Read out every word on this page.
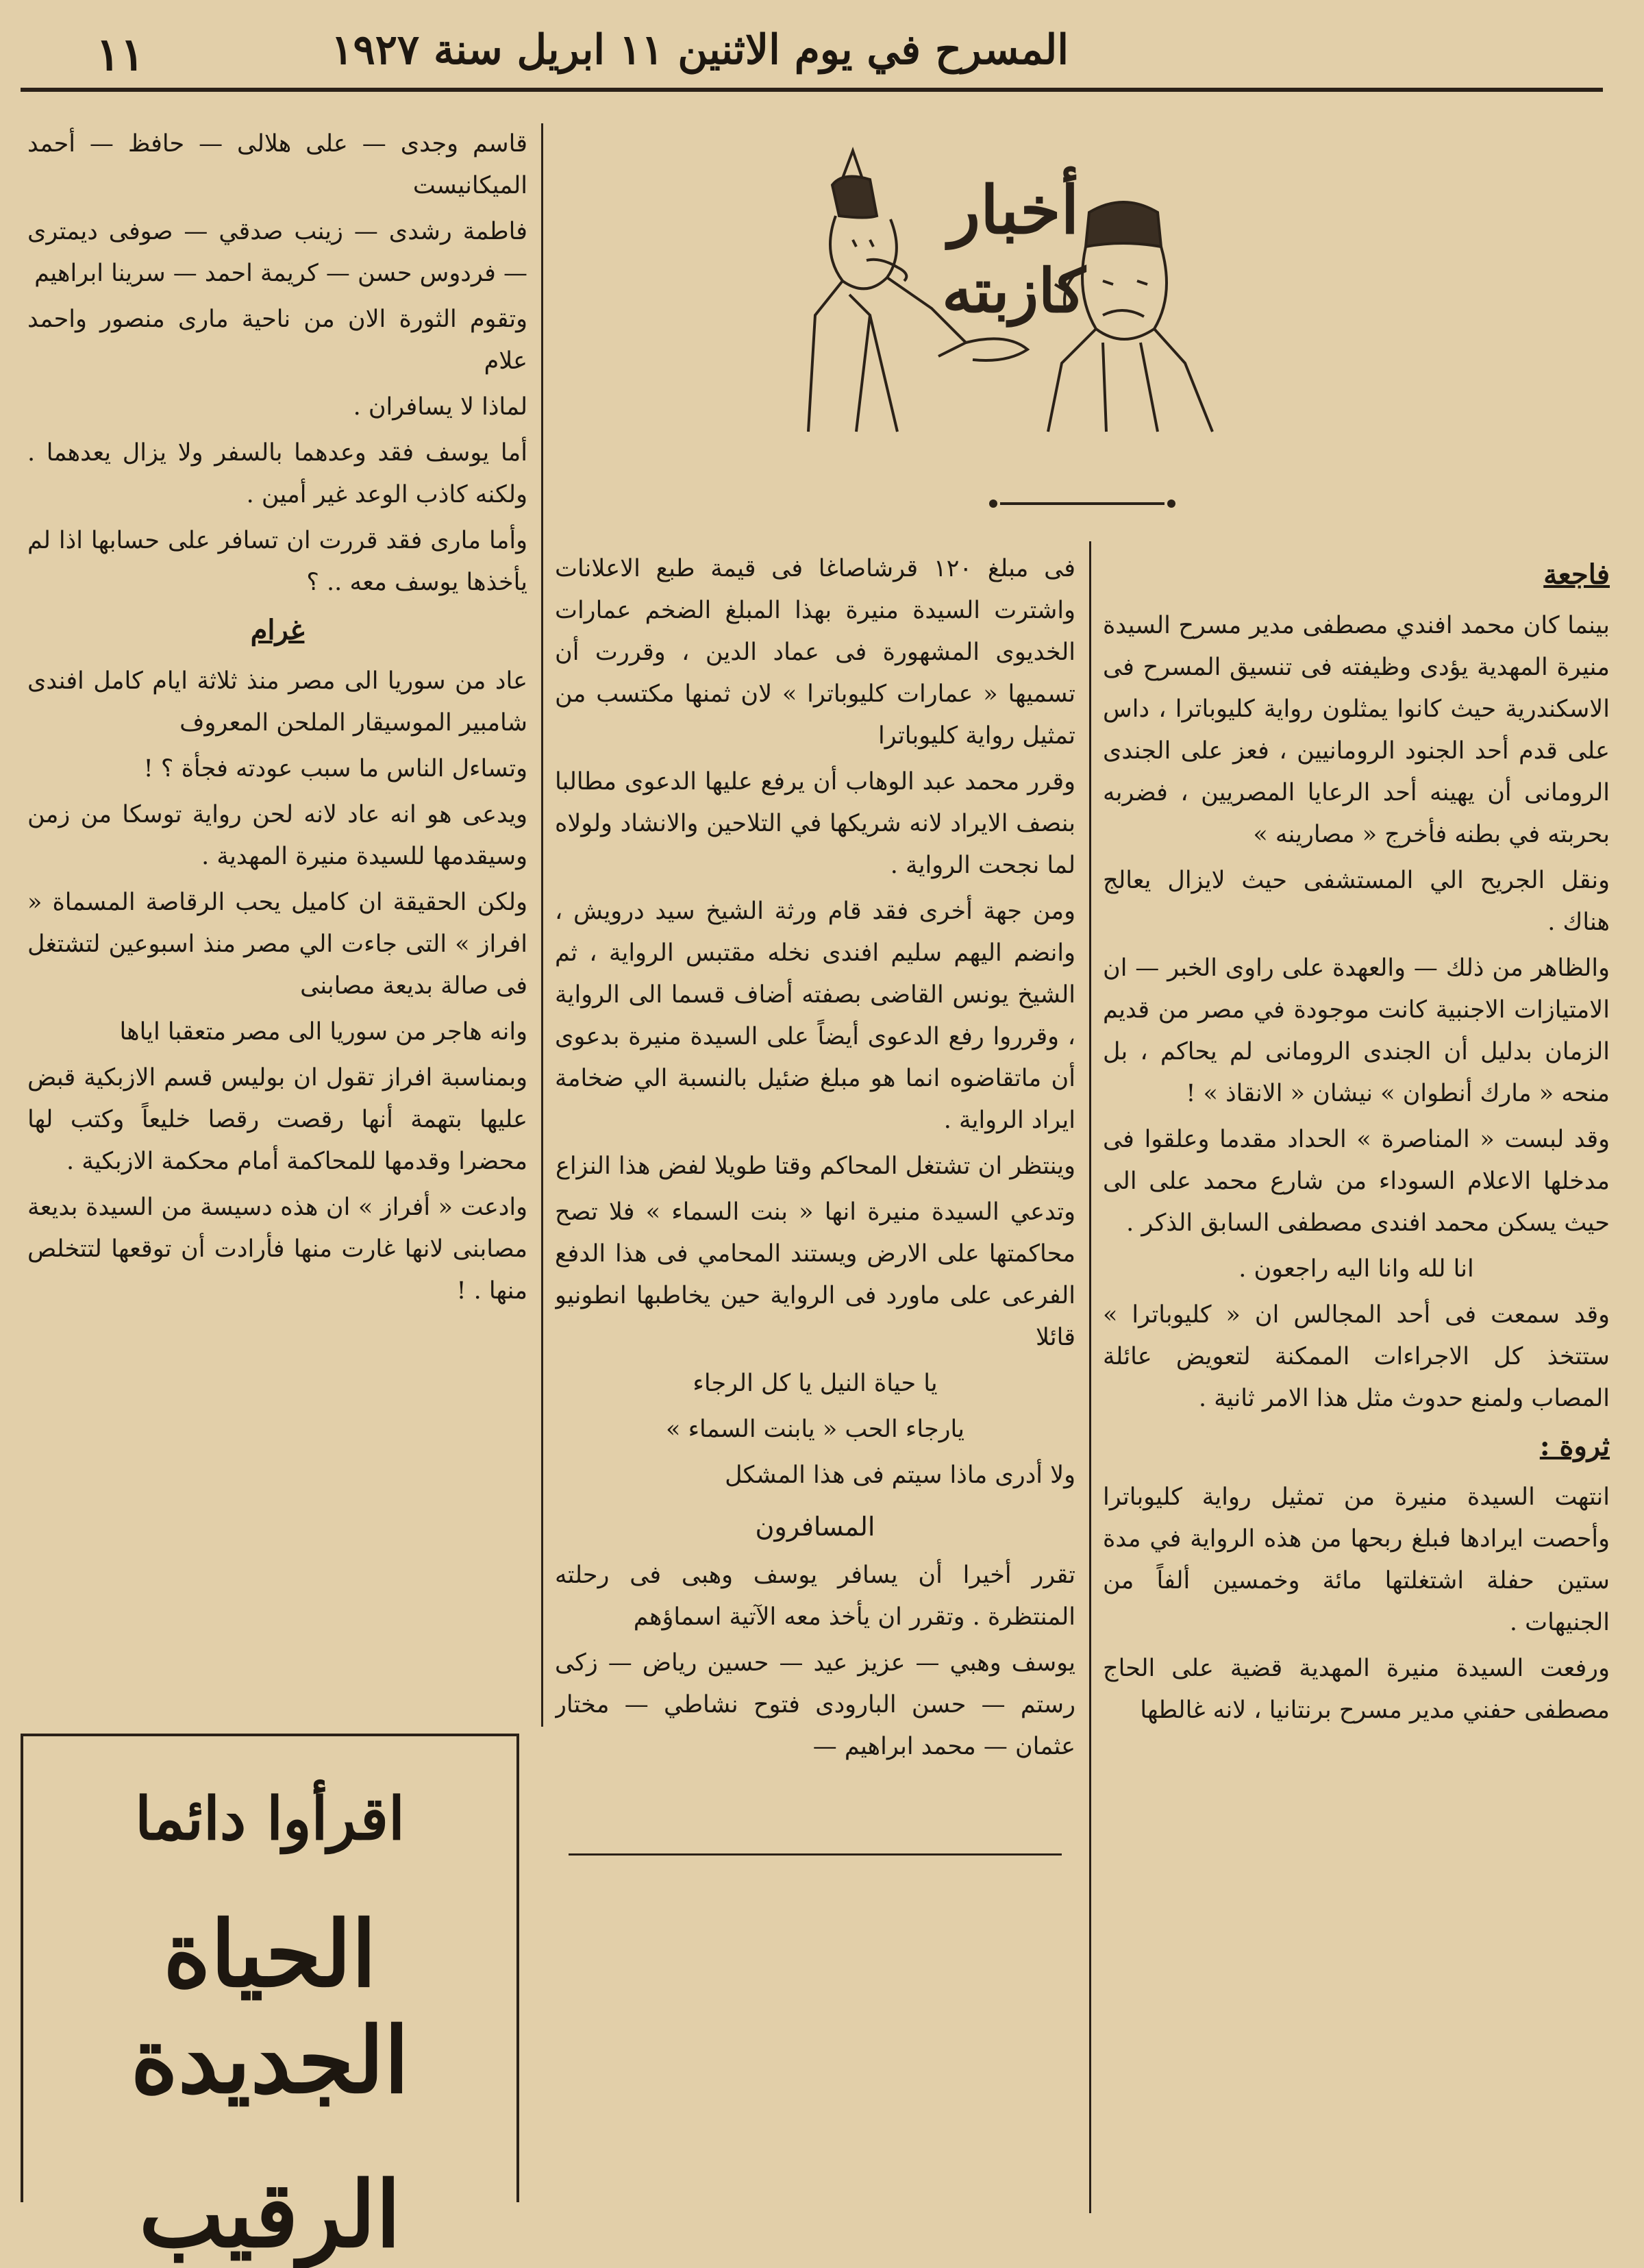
المسرح في يوم الاثنين ١١ ابريل سنة ١٩٢٧
١١
أخبار
كازبته

فاجعة

بينما كان محمد افندي مصطفى مدير مسرح السيدة منيرة المهدية يؤدى وظيفته فى تنسيق المسرح فى الاسكندرية حيث كانوا يمثلون رواية كليوباترا ، داس على قدم أحد الجنود الرومانيين ، فعز على الجندى الرومانى أن يهينه أحد الرعايا المصريين ، فضربه بحربته في بطنه فأخرج « مصارينه »

ونقل الجريح الي المستشفى حيث لايزال يعالج هناك .

والظاهر من ذلك — والعهدة على راوى الخبر — ان الامتيازات الاجنبية كانت موجودة في مصر من قديم الزمان بدليل أن الجندى الرومانى لم يحاكم ، بل منحه « مارك أنطوان » نيشان « الانقاذ » !

وقد لبست « المناصرة » الحداد مقدما وعلقوا فى مدخلها الاعلام السوداء من شارع محمد على الى حيث يسكن محمد افندى مصطفى السابق الذكر .

انا لله وانا اليه راجعون .

وقد سمعت فى أحد المجالس ان « كليوباترا » ستتخذ كل الاجراءات الممكنة لتعويض عائلة المصاب ولمنع حدوث مثل هذا الامر ثانية .

ثروة :

انتهت السيدة منيرة من تمثيل رواية كليوباترا وأحصت ايرادها فبلغ ربحها من هذه الرواية في مدة ستين حفلة اشتغلتها مائة وخمسين ألفاً من الجنيهات .

ورفعت السيدة منيرة المهدية قضية على الحاج مصطفى حفني مدير مسرح برنتانيا ، لانه غالطها

فى مبلغ ١٢٠ قرشاصاغا فى قيمة طبع الاعلانات واشترت السيدة منيرة بهذا المبلغ الضخم عمارات الخديوى المشهورة فى عماد الدين ، وقررت أن تسميها « عمارات كليوباترا » لان ثمنها مكتسب من تمثيل رواية كليوباترا

وقرر محمد عبد الوهاب أن يرفع عليها الدعوى مطالبا بنصف الايراد لانه شريكها في التلاحين والانشاد ولولاه لما نجحت الرواية .

ومن جهة أخرى فقد قام ورثة الشيخ سيد درويش ، وانضم اليهم سليم افندى نخله مقتبس الرواية ، ثم الشيخ يونس القاضى بصفته أضاف قسما الى الرواية ، وقرروا رفع الدعوى أيضاً على السيدة منيرة بدعوى أن ماتقاضوه انما هو مبلغ ضئيل بالنسبة الي ضخامة ايراد الرواية .

وينتظر ان تشتغل المحاكم وقتا طويلا لفض هذا النزاع

وتدعي السيدة منيرة انها « بنت السماء » فلا تصح محاكمتها على الارض ويستند المحامي فى هذا الدفع الفرعى على ماورد فى الرواية حين يخاطبها انطونيو قائلا

يا حياة النيل يا كل الرجاء

يارجاء الحب « يابنت السماء »

ولا أدرى ماذا سيتم فى هذا المشكل

المسافرون

تقرر أخيرا أن يسافر يوسف وهبى فى رحلته المنتظرة . وتقرر ان يأخذ معه الآتية اسماؤهم

يوسف وهبي — عزيز عيد — حسين رياض — زكى رستم — حسن البارودى فتوح نشاطي — مختار عثمان — محمد ابراهيم —

قاسم وجدى — على هلالى — حافظ — أحمد الميكانيست

فاطمة رشدى — زينب صدقي — صوفى ديمترى — فردوس حسن — كريمة احمد — سرينا ابراهيم

وتقوم الثورة الان من ناحية مارى منصور واحمد علام

لماذا لا يسافران .

أما يوسف فقد وعدهما بالسفر ولا يزال يعدهما . ولكنه كاذب الوعد غير أمين .

وأما مارى فقد قررت ان تسافر على حسابها اذا لم يأخذها يوسف معه .. ؟

غرام

عاد من سوريا الى مصر منذ ثلاثة ايام كامل افندى شامبير الموسيقار الملحن المعروف

وتساءل الناس ما سبب عودته فجأة ؟ !

ويدعى هو انه عاد لانه لحن رواية توسكا من زمن وسيقدمها للسيدة منيرة المهدية .

ولكن الحقيقة ان كاميل يحب الرقاصة المسماة « افراز » التى جاءت الي مصر منذ اسبوعين لتشتغل فى صالة بديعة مصابنى

وانه هاجر من سوريا الى مصر متعقبا اياها

وبمناسبة افراز تقول ان بوليس قسم الازبكية قبض عليها بتهمة أنها رقصت رقصا خليعاً وكتب لها محضرا وقدمها للمحاكمة أمام محكمة الازبكية .

وادعت « أفراز » ان هذه دسيسة من السيدة بديعة مصابنى لانها غارت منها فأرادت أن توقعها لتتخلص منها . !

اقرأوا دائما
الحياة الجديدة
الرقيب
